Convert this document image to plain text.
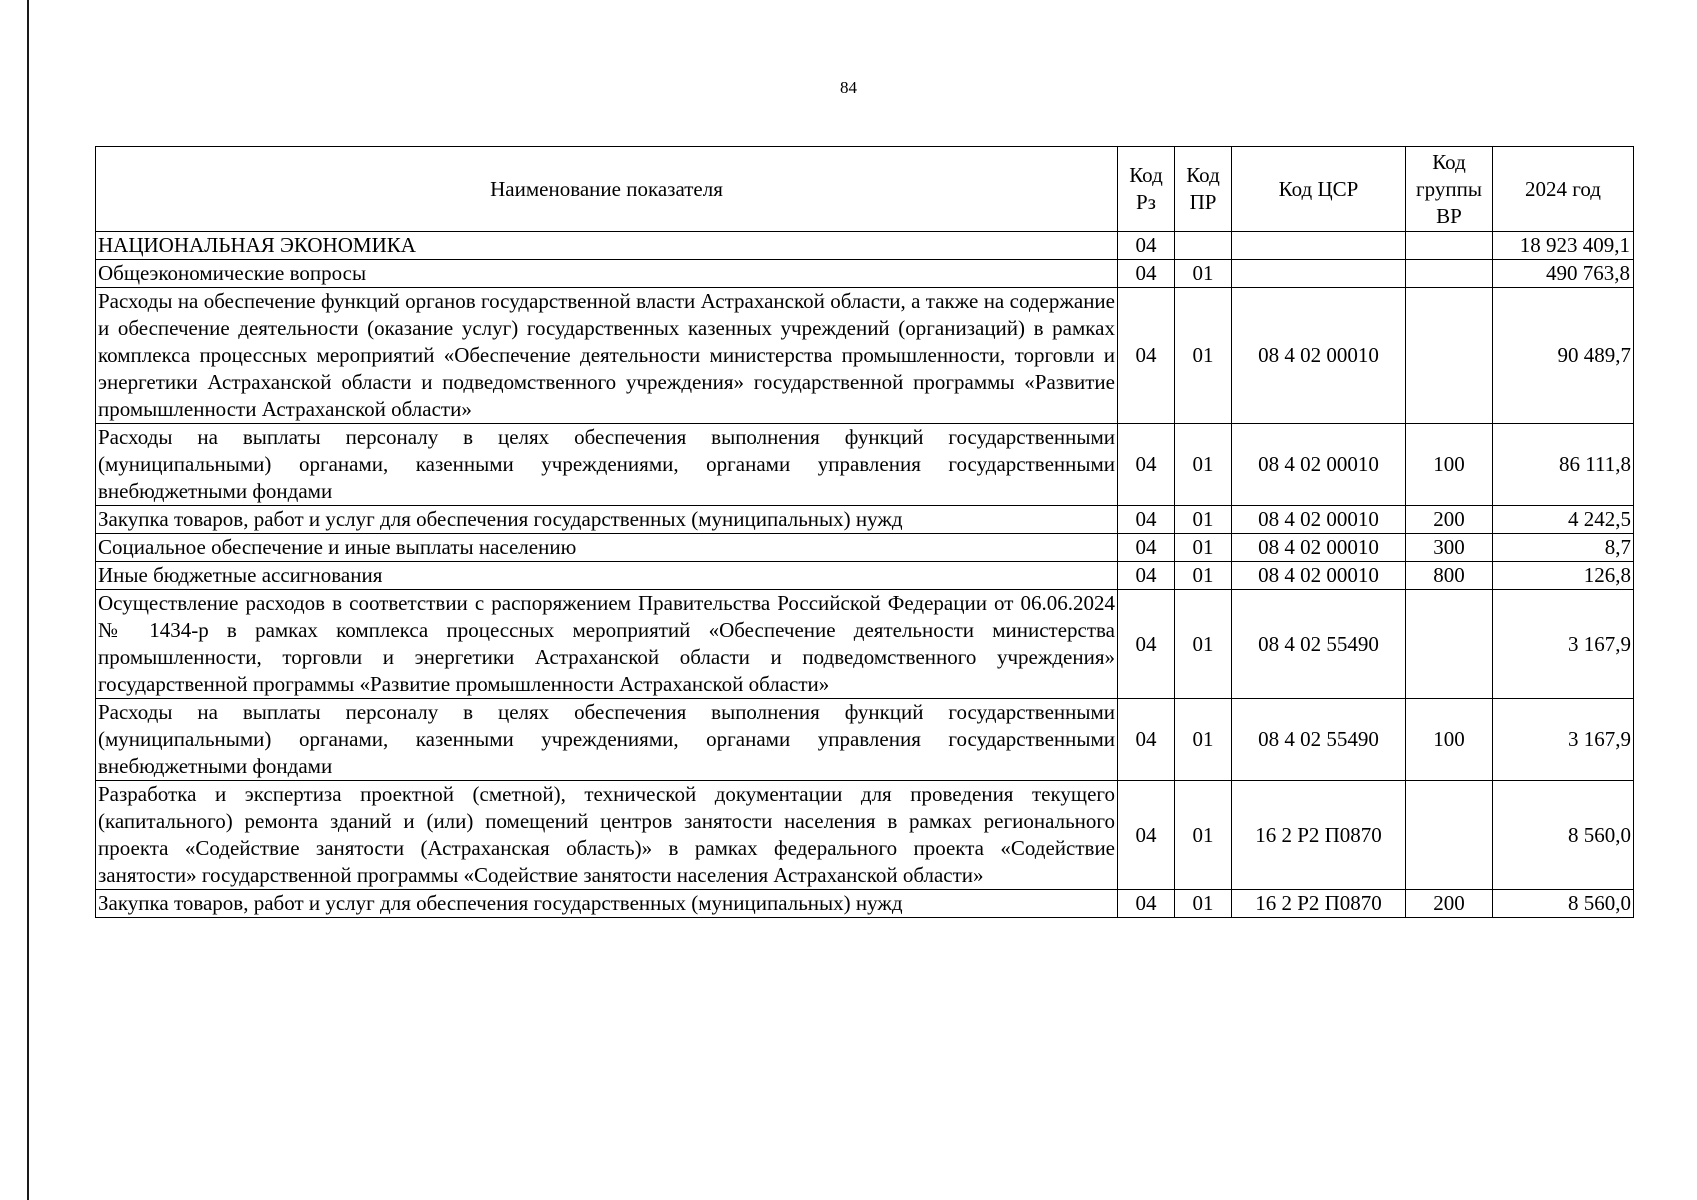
84
Наименование показателя	Код Рз	Код ПР	Код ЦСР	Код группы ВР	2024 год
НАЦИОНАЛЬНАЯ ЭКОНОМИКА	04				18 923 409,1
Общеэкономические вопросы	04	01			490 763,8
Расходы на обеспечение функций органов государственной власти Астраханской области, а также на содержание и обеспечение деятельности (оказание услуг) государственных казенных учреждений (организаций) в рамках комплекса процессных мероприятий «Обеспечение деятельности министерства промышленности, торговли и энергетики Астраханской области и подведомственного учреждения» государственной программы «Развитие промышленности Астраханской области»	04	01	08 4 02 00010		90 489,7
Расходы на выплаты персоналу в целях обеспечения выполнения функций государственными (муниципальными) органами, казенными учреждениями, органами управления государственными внебюджетными фондами	04	01	08 4 02 00010	100	86 111,8
Закупка товаров, работ и услуг для обеспечения государственных (муниципальных) нужд	04	01	08 4 02 00010	200	4 242,5
Социальное обеспечение и иные выплаты населению	04	01	08 4 02 00010	300	8,7
Иные бюджетные ассигнования	04	01	08 4 02 00010	800	126,8
Осуществление расходов в соответствии с распоряжением Правительства Российской Федерации от 06.06.2024 № 1434-р в рамках комплекса процессных мероприятий «Обеспечение деятельности министерства промышленности, торговли и энергетики Астраханской области и подведомственного учреждения» государственной программы «Развитие промышленности Астраханской области»	04	01	08 4 02 55490		3 167,9
Расходы на выплаты персоналу в целях обеспечения выполнения функций государственными (муниципальными) органами, казенными учреждениями, органами управления государственными внебюджетными фондами	04	01	08 4 02 55490	100	3 167,9
Разработка и экспертиза проектной (сметной), технической документации для проведения текущего (капитального) ремонта зданий и (или) помещений центров занятости населения в рамках регионального проекта «Содействие занятости (Астраханская область)» в рамках федерального проекта «Содействие занятости» государственной программы «Содействие занятости населения Астраханской области»	04	01	16 2 Р2 П0870		8 560,0
Закупка товаров, работ и услуг для обеспечения государственных (муниципальных) нужд	04	01	16 2 Р2 П0870	200	8 560,0
